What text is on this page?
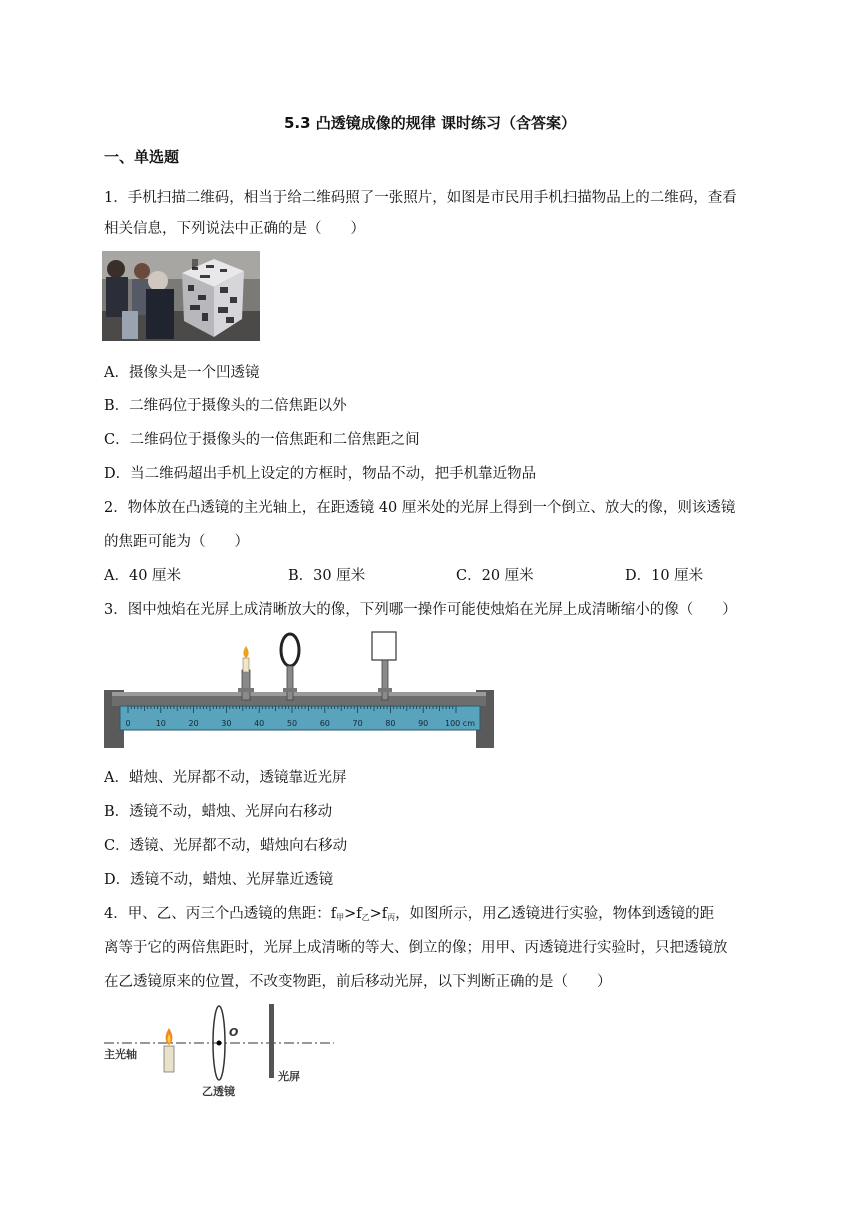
5.3 凸透镜成像的规律 课时练习（含答案）
一、单选题
1．手机扫描二维码，相当于给二维码照了一张照片，如图是市民用手机扫描物品上的二维码，查看
相关信息，下列说法中正确的是（　　）
A．摄像头是一个凹透镜
B．二维码位于摄像头的二倍焦距以外
C．二维码位于摄像头的一倍焦距和二倍焦距之间
D．当二维码超出手机上设定的方框时，物品不动，把手机靠近物品
2．物体放在凸透镜的主光轴上，在距透镜 40 厘米处的光屏上得到一个倒立、放大的像，则该透镜
的焦距可能为（　　）
A．40 厘米	B．30 厘米	C．20 厘米	D．10 厘米
3．图中烛焰在光屏上成清晰放大的像，下列哪一操作可能使烛焰在光屏上成清晰缩小的像（　　）
0	10	20	30	40	50	60	70	80	90 100 cm
A．蜡烛、光屏都不动，透镜靠近光屏
B．透镜不动，蜡烛、光屏向右移动
C．透镜、光屏都不动，蜡烛向右移动
D．透镜不动，蜡烛、光屏靠近透镜
4．甲、乙、丙三个凸透镜的焦距：$f_甲>f_乙>f_丙$，如图所示，用乙透镜进行实验，物体到透镜的距
离等于它的两倍焦距时，光屏上成清晰的等大、倒立的像；用甲、丙透镜进行实验时，只把透镜放
在乙透镜原来的位置，不改变物距，前后移动光屏，以下判断正确的是（　　）
主光轴
O
乙透镜
光屏
